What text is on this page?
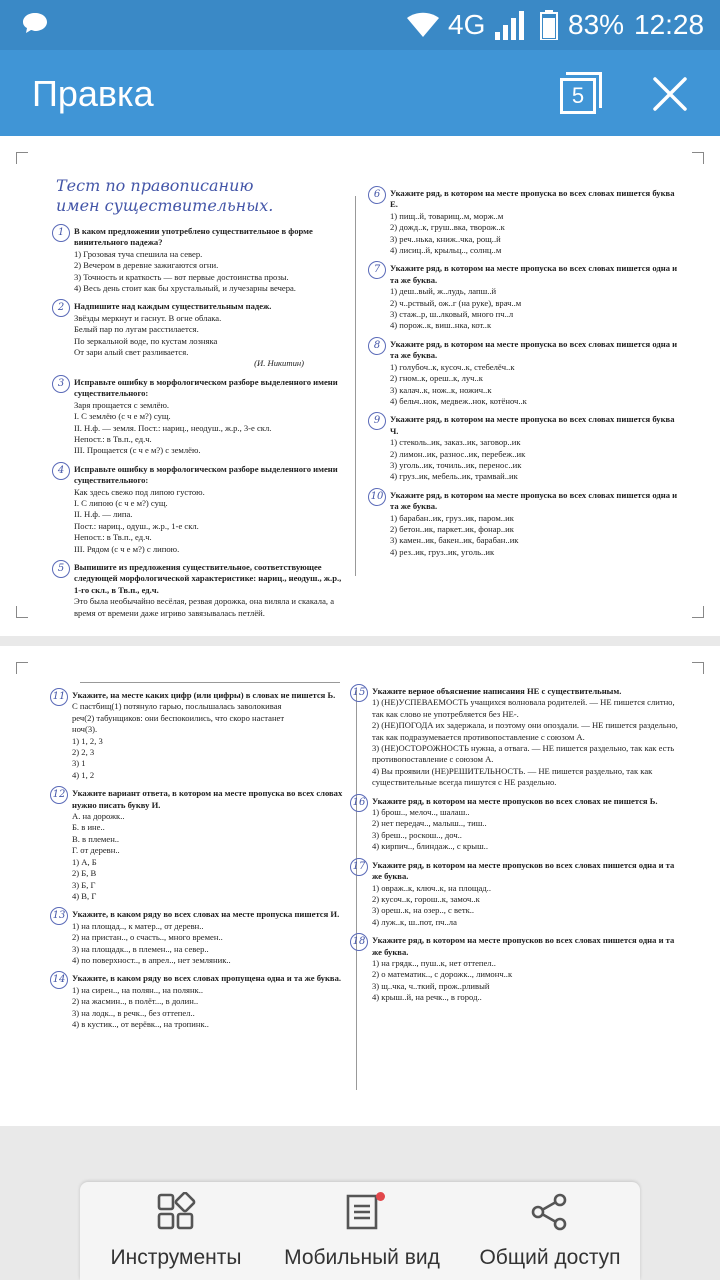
4G	83% 12:28
Правка	5
Тест по правописанию
имен существительных.
1	В каком предложении употреблено существительное в форме винительного падежа?
1) Грозовая туча спешила на север.
2) Вечером в деревне зажигаются огни.
3) Точность и краткость — вот первые достоинства прозы.
4) Весь день стоит как бы хрустальный, и лучезарны вечера.
2	Надпишите над каждым существительным падеж.
Звёзды меркнут и гаснут. В огне облака.
Белый пар по лугам расстилается.
По зеркальной воде, по кустам лозняка
От зари алый свет разливается.
(И. Никитин)
3	Исправьте ошибку в морфологическом разборе выделенного имени существительного:
Заря прощается с землёю.
I. С землёю (с ч е м?) сущ.
II. Н.ф. — земля. Пост.: нариц., неодуш., ж.р., 3-е скл.
Непост.: в Тв.п., ед.ч.
III. Прощается (с ч е м?) с землёю.
4	Исправьте ошибку в морфологическом разборе выделенного имени существительного:
Как здесь свежо под липою густою.
I. С липою (с ч е м?) сущ.
II. Н.ф. — липа.
Пост.: нариц., одуш., ж.р., 1-е скл.
Непост.: в Тв.п., ед.ч.
III. Рядом (с ч е м?) с липою.
5	Выпишите из предложения существительное, соответствующее следующей морфологической характеристике: нариц., неодуш., ж.р., 1-го скл., в Тв.п., ед.ч.
Это была необычайно весёлая, резвая дорожка, она виляла и скакала, а время от времени даже игриво завязывалась петлёй.
6	Укажите ряд, в котором на месте пропуска во всех словах пишется буква Е.
1) пищ..й, товарищ..м, морж..м
2) дожд..к, груш..вка, творож..к
3) реч..нька, книж..чка, рощ..й
4) лисиц..й, крыльц.., солнц..м
7	Укажите ряд, в котором на месте пропуска во всех словах пишется одна и та же буква.
1) деш..вый, ж..лудь, лапш..й
2) ч..рствый, ож..г (на руке), врач..м
3) стаж..р, ш..лковый, много пч..л
4) порож..к, виш..нка, кот..к
8	Укажите ряд, в котором на месте пропуска во всех словах пишется одна и та же буква.
1) голубоч..к, кусоч..к, стебелёч..к
2) гном..к, ореш..к, луч..к
3) калач..к, нож..к, ножич..к
4) бельч..нок, медвеж..нок, котёноч..к
9	Укажите ряд, в котором на месте пропуска во всех словах пишется буква Ч.
1) стеколь..ик, заказ..ик, заговор..ик
2) лимон..ик, разнос..ик, перебеж..ик
3) уголь..ик, точиль..ик, перенос..ик
4) груз..ик, мебель..ик, трамвай..ик
10 Укажите ряд, в котором на месте пропуска во всех словах пишется одна и та же буква.
1) барабан..ик, груз..ик, паром..ик
2) бетон..ик, паркет..ик, фонар..ик
3) камен..ик, бакен..ик, барабан..ик
4) рез..ик, груз..ик, уголь..ик
11 Укажите, на месте каких цифр (или цифры) в словах не пишется Ь.
С пастбищ(1) потянуло гарью, послышалась заволокивая
реч(2) табунщиков: они беспокоились, что скоро настанет
ноч(3).
1) 1, 2, 3
2) 2, 3
3) 1
4) 1, 2
12 Укажите вариант ответа, в котором на месте пропуска во всех словах нужно писать букву И.
А. на дорожк..
Б. в ине..
В. в племен..
Г. от деревн..
1) А, Б
2) Б, В
3) Б, Г
4) В, Г
13 Укажите, в каком ряду во всех словах на месте пропуска пишется И.
1) на площад.., к матер.., от деревн..
2) на пристан.., о счасть.., много времен..
3) на площадк.., в племен.., на север..
4) по поверхност.., в апрел.., нет земляник..
14 Укажите, в каком ряду во всех словах пропущена одна и та же буква.
1) на сирен.., на полян.., на полянк..
2) на жасмин.., в полёт..., в долин..
3) на лодк.., в речк.., без оттепел..
4) в кустик.., от верёвк.., на тропинк..
15 Укажите верное объяснение написания НЕ с существительным.
1) (НЕ)УСПЕВАЕМОСТЬ учащихся волновала родителей. — НЕ пишется слитно, так как слово не употребляется без НЕ-.
2) (НЕ)ПОГОДА их задержала, и поэтому они опоздали. — НЕ пишется раздельно, так как подразумевается противопоставление с союзом А.
3) (НЕ)ОСТОРОЖНОСТЬ нужна, а отвага. — НЕ пишется раздельно, так как есть противопоставление с союзом А.
4) Вы проявили (НЕ)РЕШИТЕЛЬНОСТЬ. — НЕ пишется раздельно, так как существительные всегда пишутся с НЕ раздельно.
16 Укажите ряд, в котором на месте пропусков во всех словах не пишется Ь.
1) брош.., мелоч.., шалаш..
2) нет передач.., малыш.., тиш..
3) бреш.., роскош.., доч..
4) кирпич.., блиндаж.., с крыш..
17 Укажите ряд, в котором на месте пропусков во всех словах пишется одна и та же буква.
1) овраж..к, ключ..к, на площад..
2) кусоч..к, горош..к, замоч..к
3) ореш..к, на озер.., с ветк..
4) луж..к, ш..пот, пч..ла
18 Укажите ряд, в котором на месте пропусков во всех словах пишется одна и та же буква.
1) на грядк.., пуш..к, нет оттепел..
2) о математик.., с дорожк.., лимонч..к
3) щ..чка, ч..ткий, прож..рливый
4) крыш..й, на речк.., в город..
Инструменты	Мобильный вид	Общий доступ
